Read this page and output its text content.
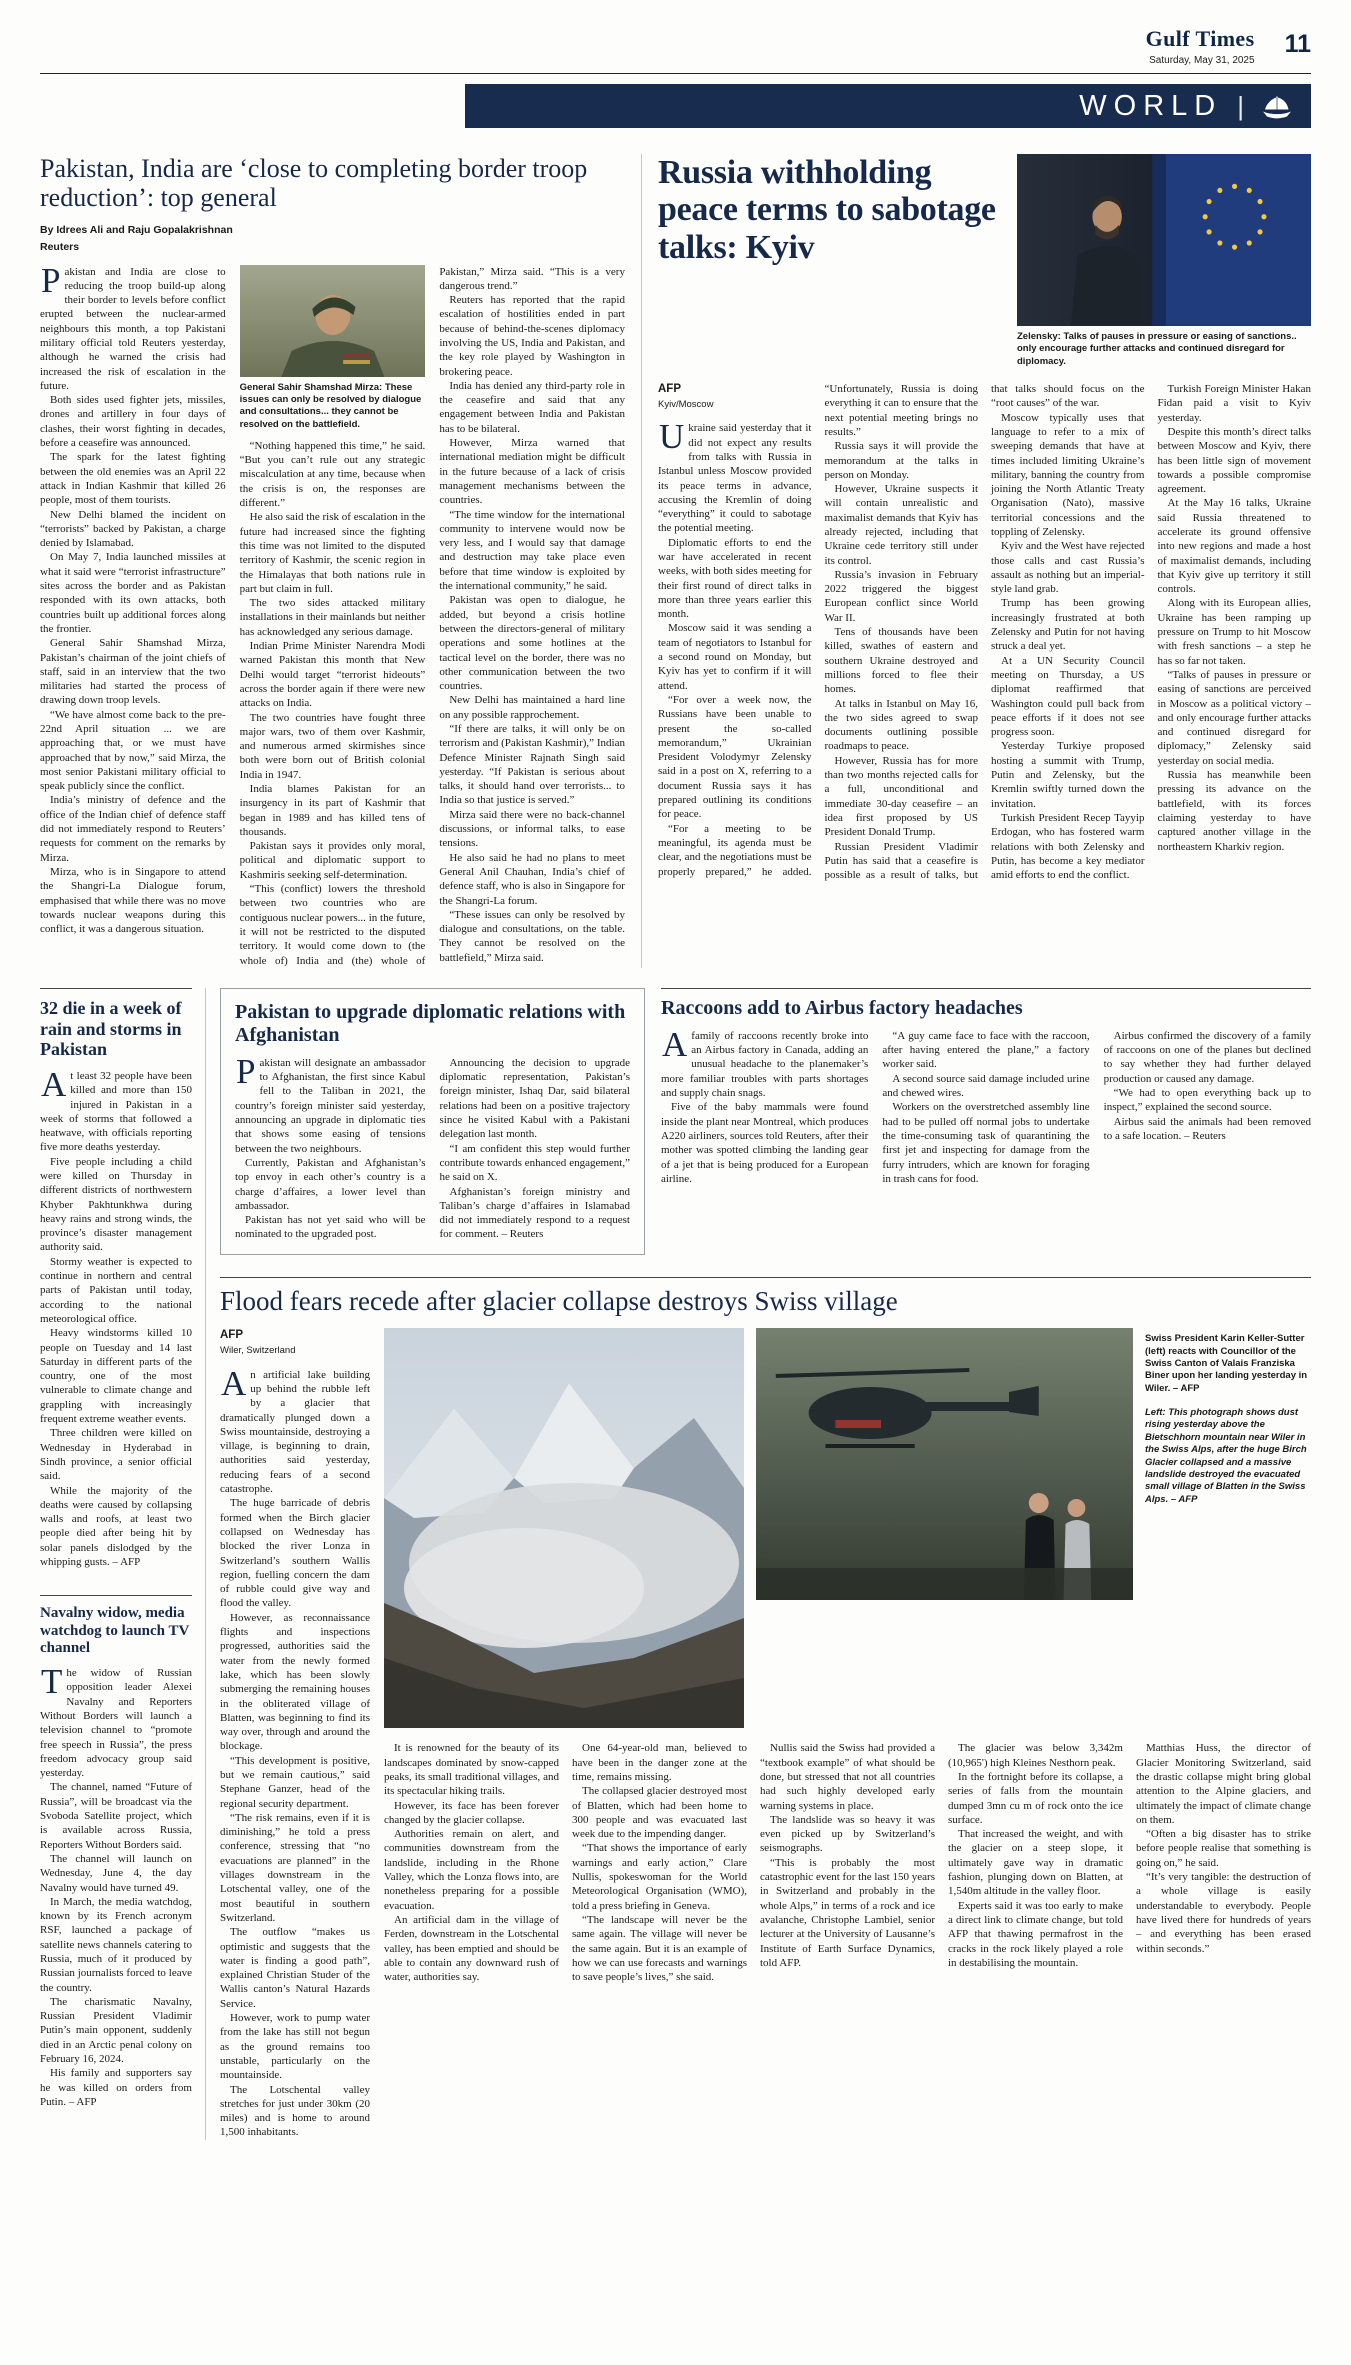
Gulf Times
Saturday, May 31, 2025
11
WORLD |
Pakistan, India are ‘close to completing border troop reduction’: top general
By Idrees Ali and Raju Gopalakrishnan
Reuters

Pakistan and India are close to reducing the troop build-up along their border to levels before conflict erupted between the nuclear-armed neighbours this month, a top Pakistani military official told Reuters yesterday, although he warned the crisis had increased the risk of escalation in the future.

Both sides used fighter jets, missiles, drones and artillery in four days of clashes, their worst fighting in decades, before a ceasefire was announced.

The spark for the latest fighting between the old enemies was an April 22 attack in Indian Kashmir that killed 26 people, most of them tourists.

New Delhi blamed the incident on “terrorists” backed by Pakistan, a charge denied by Islamabad.

On May 7, India launched missiles at what it said were “terrorist infrastructure” sites across the border and as Pakistan responded with its own attacks, both countries built up additional forces along the frontier.

General Sahir Shamshad Mirza, Pakistan’s chairman of the joint chiefs of staff, said in an interview that the two militaries had started the process of drawing down troop levels.

“We have almost come back to the pre-22nd April situation ... we are approaching that, or we must have approached that by now,” said Mirza, the most senior Pakistani military official to speak publicly since the conflict.

India’s ministry of defence and the office of the Indian chief of defence staff did not immediately respond to Reuters’ requests for comment on the remarks by Mirza.

Mirza, who is in Singapore to attend the Shangri-La Dialogue forum, emphasised that while there was no move towards nuclear weapons during this conflict, it was a dangerous situation.

General Sahir Shamshad Mirza: These issues can only be resolved by dialogue and consultations... they cannot be resolved on the battlefield.

“Nothing happened this time,” he said. “But you can’t rule out any strategic miscalculation at any time, because when the crisis is on, the responses are different.”

He also said the risk of escalation in the future had increased since the fighting this time was not limited to the disputed territory of Kashmir, the scenic region in the Himalayas that both nations rule in part but claim in full.

The two sides attacked military installations in their mainlands but neither has acknowledged any serious damage.

Indian Prime Minister Narendra Modi warned Pakistan this month that New Delhi would target “terrorist hideouts” across the border again if there were new attacks on India.

The two countries have fought three major wars, two of them over Kashmir, and numerous armed skirmishes since both were born out of British colonial India in 1947.

India blames Pakistan for an insurgency in its part of Kashmir that began in 1989 and has killed tens of thousands.

Pakistan says it provides only moral, political and diplomatic support to Kashmiris seeking self-determination.

“This (conflict) lowers the threshold between two countries who are contiguous nuclear powers... in the future, it will not be restricted to the disputed territory. It would come down to (the whole of) India and (the) whole of Pakistan,” Mirza said. “This is a very dangerous trend.”

Reuters has reported that the rapid escalation of hostilities ended in part because of behind-the-scenes diplomacy involving the US, India and Pakistan, and the key role played by Washington in brokering peace.

India has denied any third-party role in the ceasefire and said that any engagement between India and Pakistan has to be bilateral.

However, Mirza warned that international mediation might be difficult in the future because of a lack of crisis management mechanisms between the countries.

“The time window for the international community to intervene would now be very less, and I would say that damage and destruction may take place even before that time window is exploited by the international community,” he said.

Pakistan was open to dialogue, he added, but beyond a crisis hotline between the directors-general of military operations and some hotlines at the tactical level on the border, there was no other communication between the two countries.

New Delhi has maintained a hard line on any possible rapprochement.

“If there are talks, it will only be on terrorism and (Pakistan Kashmir),” Indian Defence Minister Rajnath Singh said yesterday. “If Pakistan is serious about talks, it should hand over terrorists... to India so that justice is served.”

Mirza said there were no back-channel discussions, or informal talks, to ease tensions.

He also said he had no plans to meet General Anil Chauhan, India’s chief of defence staff, who is also in Singapore for the Shangri-La forum.

“These issues can only be resolved by dialogue and consultations, on the table. They cannot be resolved on the battlefield,” Mirza said.

Russia withholding peace terms to sabotage talks: Kyiv
Zelensky: Talks of pauses in pressure or easing of sanctions.. only encourage further attacks and continued disregard for diplomacy.
AFP
Kyiv/Moscow

Ukraine said yesterday that it did not expect any results from talks with Russia in Istanbul unless Moscow provided its peace terms in advance, accusing the Kremlin of doing “everything” it could to sabotage the potential meeting.

Diplomatic efforts to end the war have accelerated in recent weeks, with both sides meeting for their first round of direct talks in more than three years earlier this month.

Moscow said it was sending a team of negotiators to Istanbul for a second round on Monday, but Kyiv has yet to confirm if it will attend.

“For over a week now, the Russians have been unable to present the so-called memorandum,” Ukrainian President Volodymyr Zelensky said in a post on X, referring to a document Russia says it has prepared outlining its conditions for peace.

“For a meeting to be meaningful, its agenda must be clear, and the negotiations must be properly prepared,” he added. “Unfortunately, Russia is doing everything it can to ensure that the next potential meeting brings no results.”

Russia says it will provide the memorandum at the talks in person on Monday.

However, Ukraine suspects it will contain unrealistic and maximalist demands that Kyiv has already rejected, including that Ukraine cede territory still under its control.

Russia’s invasion in February 2022 triggered the biggest European conflict since World War II.

Tens of thousands have been killed, swathes of eastern and southern Ukraine destroyed and millions forced to flee their homes.

At talks in Istanbul on May 16, the two sides agreed to swap documents outlining possible roadmaps to peace.

However, Russia has for more than two months rejected calls for a full, unconditional and immediate 30-day ceasefire – an idea first proposed by US President Donald Trump.

Russian President Vladimir Putin has said that a ceasefire is possible as a result of talks, but that talks should focus on the “root causes” of the war.

Moscow typically uses that language to refer to a mix of sweeping demands that have at times included limiting Ukraine’s military, banning the country from joining the North Atlantic Treaty Organisation (Nato), massive territorial concessions and the toppling of Zelensky.

Kyiv and the West have rejected those calls and cast Russia’s assault as nothing but an imperial-style land grab.

Trump has been growing increasingly frustrated at both Zelensky and Putin for not having struck a deal yet.

At a UN Security Council meeting on Thursday, a US diplomat reaffirmed that Washington could pull back from peace efforts if it does not see progress soon.

Yesterday Turkiye proposed hosting a summit with Trump, Putin and Zelensky, but the Kremlin swiftly turned down the invitation.

Turkish President Recep Tayyip Erdogan, who has fostered warm relations with both Zelensky and Putin, has become a key mediator amid efforts to end the conflict.

Turkish Foreign Minister Hakan Fidan paid a visit to Kyiv yesterday.

Despite this month’s direct talks between Moscow and Kyiv, there has been little sign of movement towards a possible compromise agreement.

At the May 16 talks, Ukraine said Russia threatened to accelerate its ground offensive into new regions and made a host of maximalist demands, including that Kyiv give up territory it still controls.

Along with its European allies, Ukraine has been ramping up pressure on Trump to hit Moscow with fresh sanctions – a step he has so far not taken.

“Talks of pauses in pressure or easing of sanctions are perceived in Moscow as a political victory – and only encourage further attacks and continued disregard for diplomacy,” Zelensky said yesterday on social media.

Russia has meanwhile been pressing its advance on the battlefield, with its forces claiming yesterday to have captured another village in the northeastern Kharkiv region.

32 die in a week of rain and storms in Pakistan

At least 32 people have been killed and more than 150 injured in Pakistan in a week of storms that followed a heatwave, with officials reporting five more deaths yesterday.

Five people including a child were killed on Thursday in different districts of northwestern Khyber Pakhtunkhwa during heavy rains and strong winds, the province’s disaster management authority said.

Stormy weather is expected to continue in northern and central parts of Pakistan until today, according to the national meteorological office.

Heavy windstorms killed 10 people on Tuesday and 14 last Saturday in different parts of the country, one of the most vulnerable to climate change and grappling with increasingly frequent extreme weather events.

Three children were killed on Wednesday in Hyderabad in Sindh province, a senior official said.

While the majority of the deaths were caused by collapsing walls and roofs, at least two people died after being hit by solar panels dislodged by the whipping gusts. – AFP

Navalny widow, media watchdog to launch TV channel

The widow of Russian opposition leader Alexei Navalny and Reporters Without Borders will launch a television channel to “promote free speech in Russia”, the press freedom advocacy group said yesterday.

The channel, named “Future of Russia”, will be broadcast via the Svoboda Satellite project, which is available across Russia, Reporters Without Borders said.

The channel will launch on Wednesday, June 4, the day Navalny would have turned 49.

In March, the media watchdog, known by its French acronym RSF, launched a package of satellite news channels catering to Russia, much of it produced by Russian journalists forced to leave the country.

The charismatic Navalny, Russian President Vladimir Putin’s main opponent, suddenly died in an Arctic penal colony on February 16, 2024.

His family and supporters say he was killed on orders from Putin. – AFP

Pakistan to upgrade diplomatic relations with Afghanistan

Pakistan will designate an ambassador to Afghanistan, the first since Kabul fell to the Taliban in 2021, the country’s foreign minister said yesterday, announcing an upgrade in diplomatic ties that shows some easing of tensions between the two neighbours.

Currently, Pakistan and Afghanistan’s top envoy in each other’s country is a charge d’affaires, a lower level than ambassador.

Pakistan has not yet said who will be nominated to the upgraded post.

Announcing the decision to upgrade diplomatic representation, Pakistan’s foreign minister, Ishaq Dar, said bilateral relations had been on a positive trajectory since he visited Kabul with a Pakistani delegation last month.

“I am confident this step would further contribute towards enhanced engagement,” he said on X.

Afghanistan’s foreign ministry and Taliban’s charge d’affaires in Islamabad did not immediately respond to a request for comment. – Reuters

Raccoons add to Airbus factory headaches

Afamily of raccoons recently broke into an Airbus factory in Canada, adding an unusual headache to the planemaker’s more familiar troubles with parts shortages and supply chain snags.

Five of the baby mammals were found inside the plant near Montreal, which produces A220 airliners, sources told Reuters, after their mother was spotted climbing the landing gear of a jet that is being produced for a European airline.

“A guy came face to face with the raccoon, after having entered the plane,” a factory worker said.

A second source said damage included urine and chewed wires.

Workers on the overstretched assembly line had to be pulled off normal jobs to undertake the time-consuming task of quarantining the first jet and inspecting for damage from the furry intruders, which are known for foraging in trash cans for food.

Airbus confirmed the discovery of a family of raccoons on one of the planes but declined to say whether they had further delayed production or caused any damage.

“We had to open everything back up to inspect,” explained the second source.

Airbus said the animals had been removed to a safe location. – Reuters

Flood fears recede after glacier collapse destroys Swiss village
AFP
Wiler, Switzerland

An artificial lake building up behind the rubble left by a glacier that dramatically plunged down a Swiss mountainside, destroying a village, is beginning to drain, authorities said yesterday, reducing fears of a second catastrophe.

The huge barricade of debris formed when the Birch glacier collapsed on Wednesday has blocked the river Lonza in Switzerland’s southern Wallis region, fuelling concern the dam of rubble could give way and flood the valley.

However, as reconnaissance flights and inspections progressed, authorities said the water from the newly formed lake, which has been slowly submerging the remaining houses in the obliterated village of Blatten, was beginning to find its way over, through and around the blockage.

“This development is positive, but we remain cautious,” said Stephane Ganzer, head of the regional security department.

“The risk remains, even if it is diminishing,” he told a press conference, stressing that “no evacuations are planned” in the villages downstream in the Lotschental valley, one of the most beautiful in southern Switzerland.

The outflow “makes us optimistic and suggests that the water is finding a good path”, explained Christian Studer of the Wallis canton’s Natural Hazards Service.

However, work to pump water from the lake has still not begun as the ground remains too unstable, particularly on the mountainside.

The Lotschental valley stretches for just under 30km (20 miles) and is home to around 1,500 inhabitants.

Swiss President Karin Keller-Sutter (left) reacts with Councillor of the Swiss Canton of Valais Franziska Biner upon her landing yesterday in Wiler. – AFP
Left: This photograph shows dust rising yesterday above the Bietschhorn mountain near Wiler in the Swiss Alps, after the huge Birch Glacier collapsed and a massive landslide destroyed the evacuated small village of Blatten in the Swiss Alps. – AFP

It is renowned for the beauty of its landscapes dominated by snow-capped peaks, its small traditional villages, and its spectacular hiking trails.

However, its face has been forever changed by the glacier collapse.

Authorities remain on alert, and communities downstream from the landslide, including in the Rhone Valley, which the Lonza flows into, are nonetheless preparing for a possible evacuation.

An artificial dam in the village of Ferden, downstream in the Lotschental valley, has been emptied and should be able to contain any downward rush of water, authorities say.

One 64-year-old man, believed to have been in the danger zone at the time, remains missing.

The collapsed glacier destroyed most of Blatten, which had been home to 300 people and was evacuated last week due to the impending danger.

“That shows the importance of early warnings and early action,” Clare Nullis, spokeswoman for the World Meteorological Organisation (WMO), told a press briefing in Geneva.

“The landscape will never be the same again. The village will never be the same again. But it is an example of how we can use forecasts and warnings to save people’s lives,” she said.

Nullis said the Swiss had provided a “textbook example” of what should be done, but stressed that not all countries had such highly developed early warning systems in place.

The landslide was so heavy it was even picked up by Switzerland’s seismographs.

“This is probably the most catastrophic event for the last 150 years in Switzerland and probably in the whole Alps,” in terms of a rock and ice avalanche, Christophe Lambiel, senior lecturer at the University of Lausanne’s Institute of Earth Surface Dynamics, told AFP.

The glacier was below 3,342m (10,965') high Kleines Nesthorn peak.

In the fortnight before its collapse, a series of falls from the mountain dumped 3mn cu m of rock onto the ice surface.

That increased the weight, and with the glacier on a steep slope, it ultimately gave way in dramatic fashion, plunging down on Blatten, at 1,540m altitude in the valley floor.

Experts said it was too early to make a direct link to climate change, but told AFP that thawing permafrost in the cracks in the rock likely played a role in destabilising the mountain.

Matthias Huss, the director of Glacier Monitoring Switzerland, said the drastic collapse might bring global attention to the Alpine glaciers, and ultimately the impact of climate change on them.

“Often a big disaster has to strike before people realise that something is going on,” he said.

“It’s very tangible: the destruction of a whole village is easily understandable to everybody. People have lived there for hundreds of years – and everything has been erased within seconds.”
